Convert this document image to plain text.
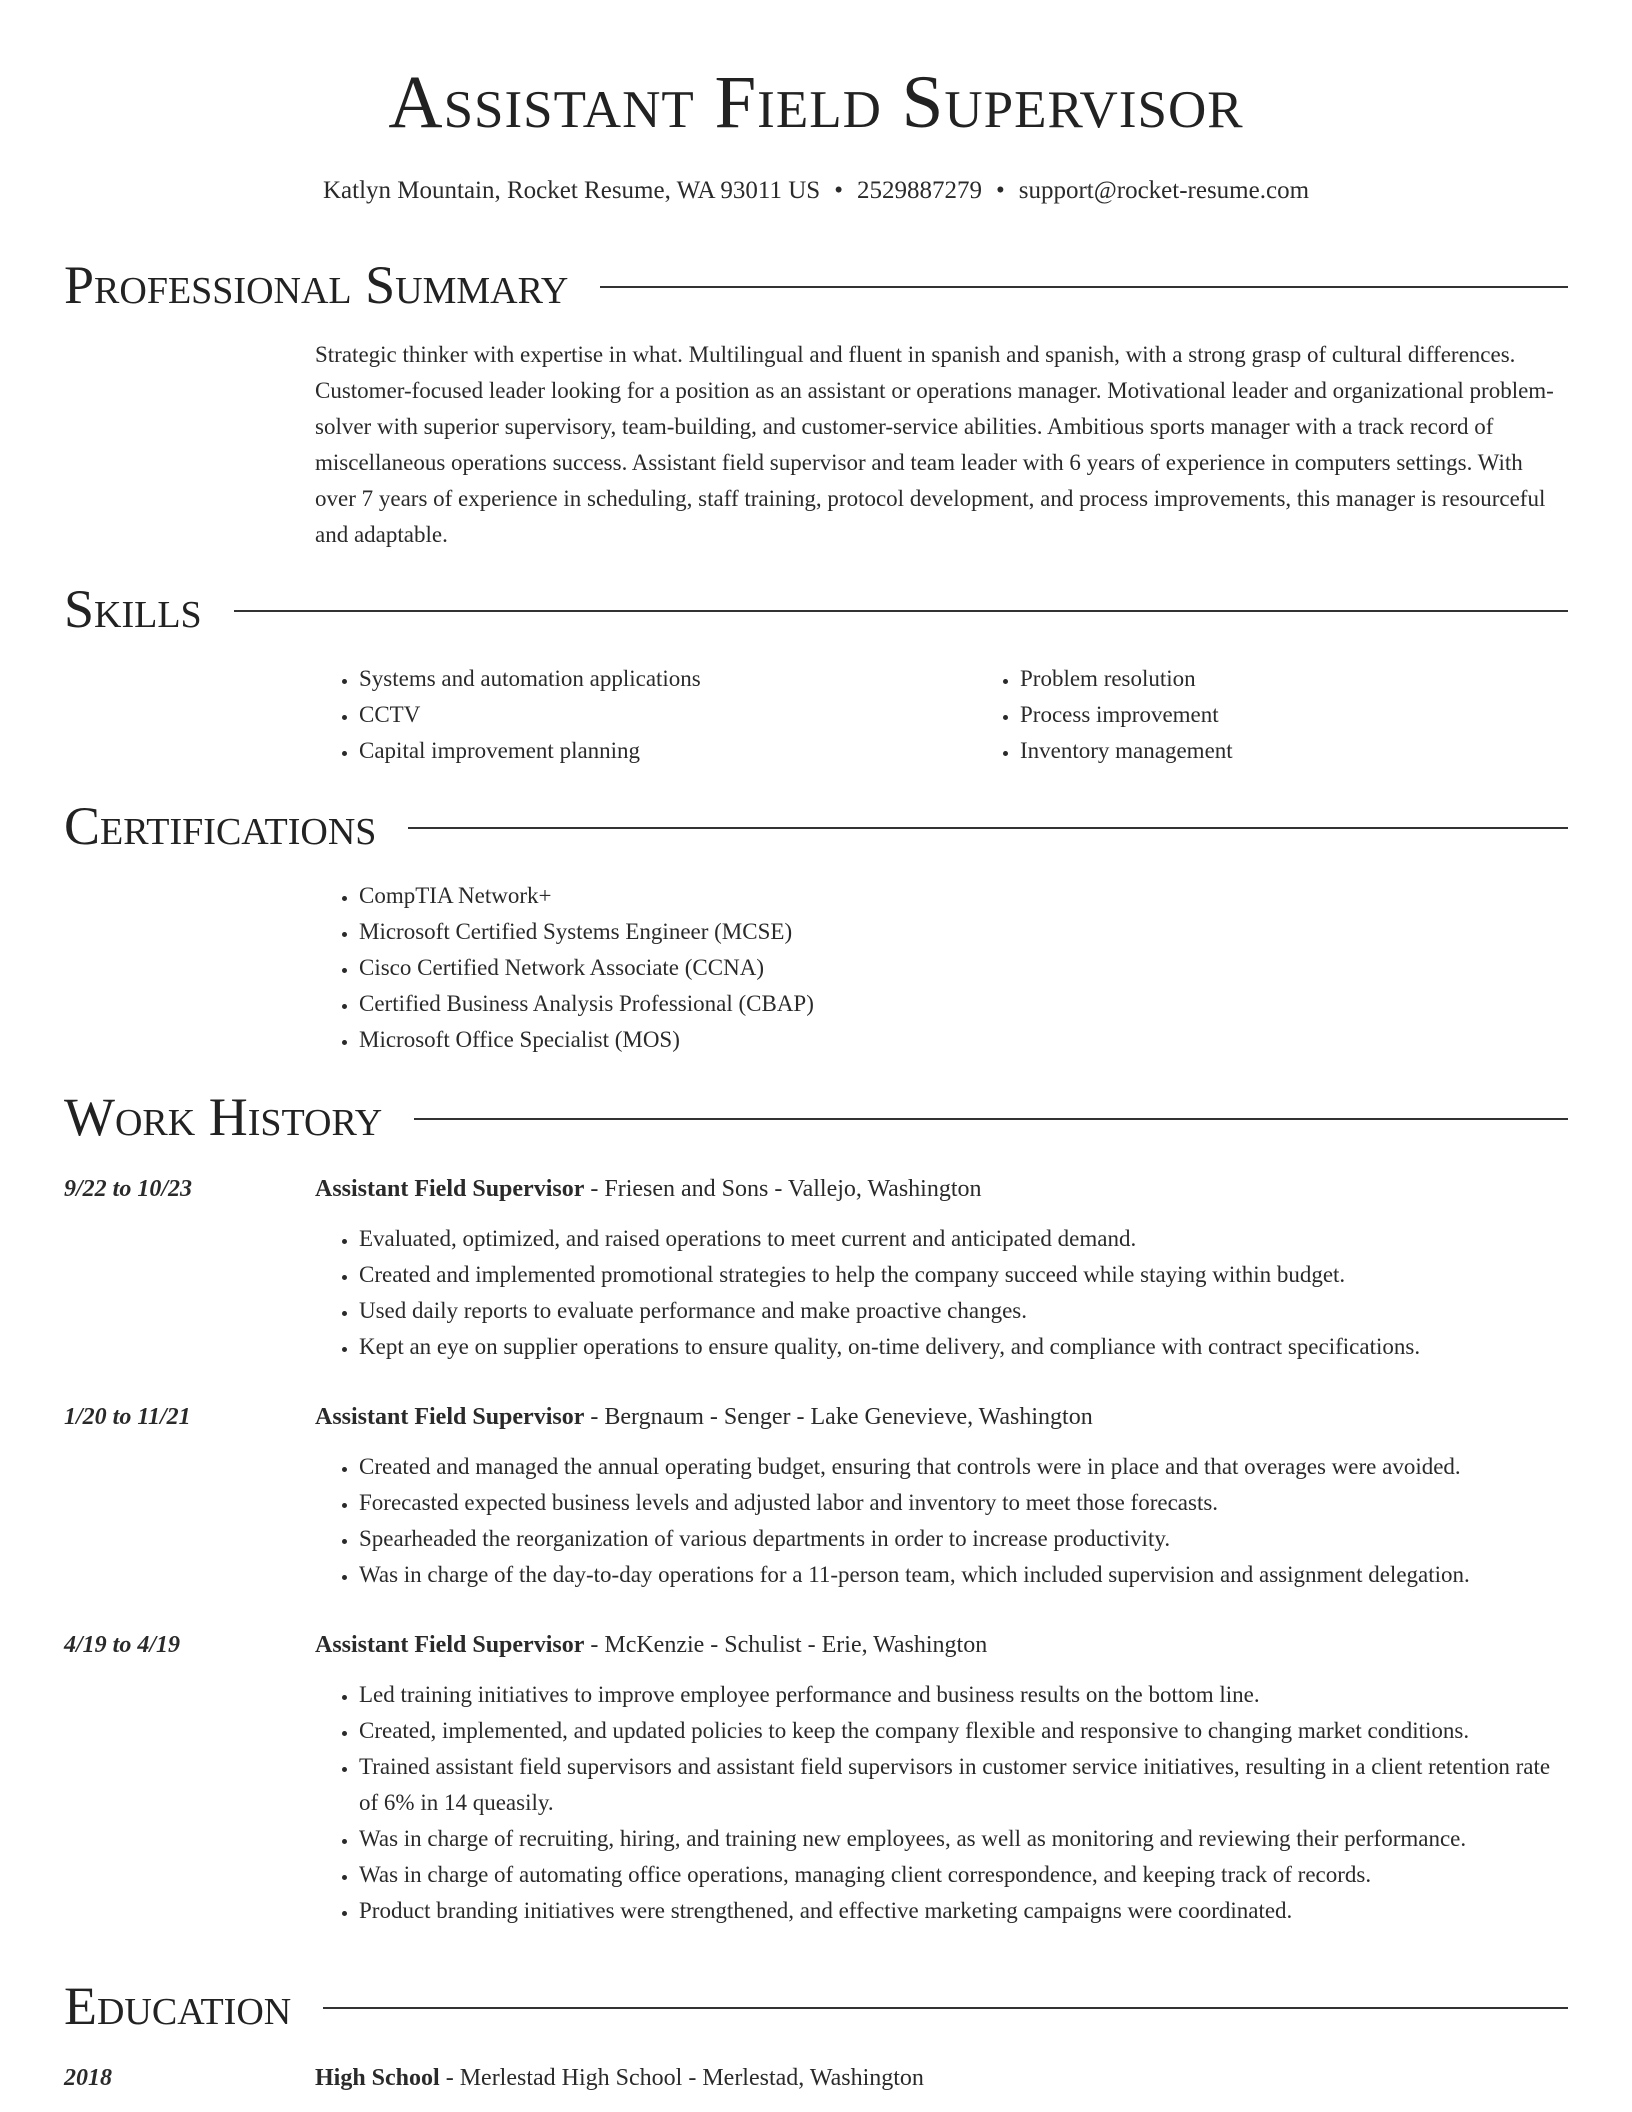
Assistant Field Supervisor
Katlyn Mountain, Rocket Resume, WA 93011 US • 2529887279 • support@rocket-resume.com
Professional Summary

Strategic thinker with expertise in what. Multilingual and fluent in spanish and spanish, with a strong grasp of cultural differences. Customer-focused leader looking for a position as an assistant or operations manager. Motivational leader and organizational problem-solver with superior supervisory, team-building, and customer-service abilities. Ambitious sports manager with a track record of miscellaneous operations success. Assistant field supervisor and team leader with 6 years of experience in computers settings. With over 7 years of experience in scheduling, staff training, protocol development, and process improvements, this manager is resourceful and adaptable.

Skills
• Systems and automation applications
• CCTV
• Capital improvement planning
• Problem resolution
• Process improvement
• Inventory management
Certifications
• CompTIA Network+
• Microsoft Certified Systems Engineer (MCSE)
• Cisco Certified Network Associate (CCNA)
• Certified Business Analysis Professional (CBAP)
• Microsoft Office Specialist (MOS)
Work History
9/22 to 10/23	Assistant Field Supervisor - Friesen and Sons - Vallejo, Washington
• Evaluated, optimized, and raised operations to meet current and anticipated demand.
• Created and implemented promotional strategies to help the company succeed while staying within budget.
• Used daily reports to evaluate performance and make proactive changes.
• Kept an eye on supplier operations to ensure quality, on-time delivery, and compliance with contract specifications.
1/20 to 11/21	Assistant Field Supervisor - Bergnaum - Senger - Lake Genevieve, Washington
• Created and managed the annual operating budget, ensuring that controls were in place and that overages were avoided.
• Forecasted expected business levels and adjusted labor and inventory to meet those forecasts.
• Spearheaded the reorganization of various departments in order to increase productivity.
• Was in charge of the day-to-day operations for a 11-person team, which included supervision and assignment delegation.
4/19 to 4/19	Assistant Field Supervisor - McKenzie - Schulist - Erie, Washington
• Led training initiatives to improve employee performance and business results on the bottom line.
• Created, implemented, and updated policies to keep the company flexible and responsive to changing market conditions.
• Trained assistant field supervisors and assistant field supervisors in customer service initiatives, resulting in a client retention rate of 6% in 14 queasily.
• Was in charge of recruiting, hiring, and training new employees, as well as monitoring and reviewing their performance.
• Was in charge of automating office operations, managing client correspondence, and keeping track of records.
• Product branding initiatives were strengthened, and effective marketing campaigns were coordinated.
Education
2018	High School - Merlestad High School - Merlestad, Washington
